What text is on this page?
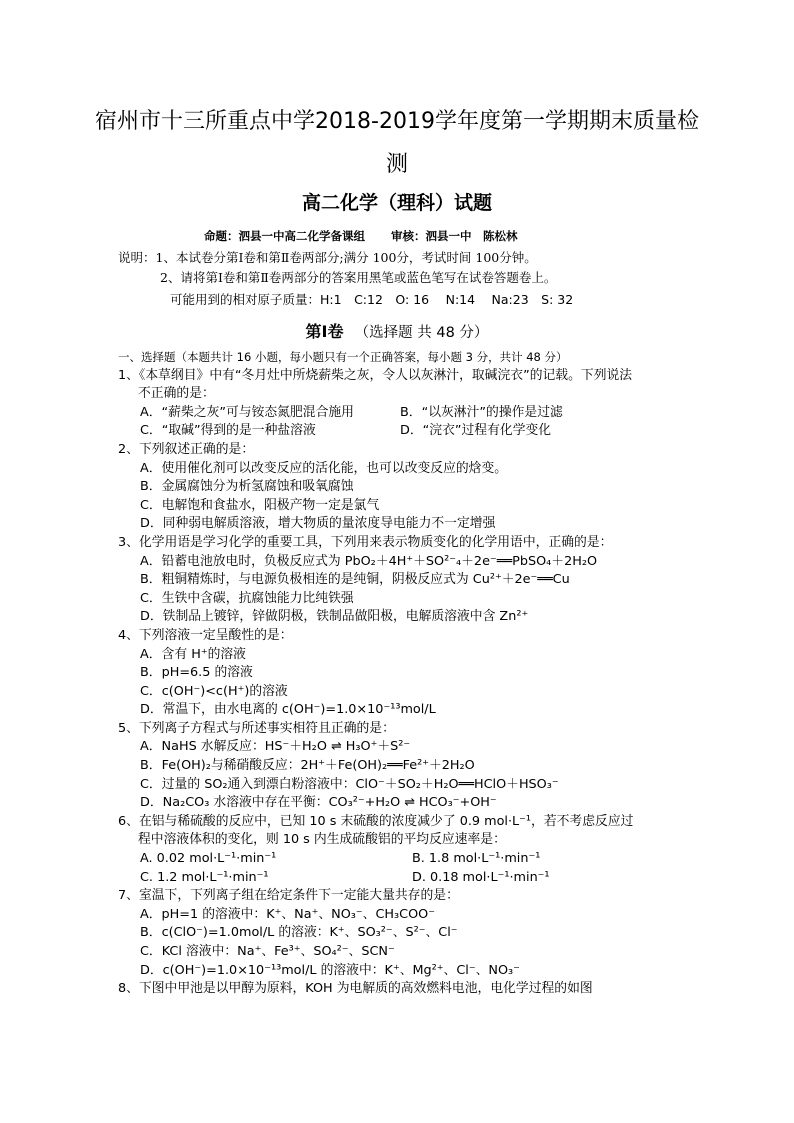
宿州市十三所重点中学2018-2019学年度第一学期期末质量检
测
高二化学（理科）试题
命题：泗县一中高二化学备课组 审核：泗县一中　陈松林
说明：1、本试卷分第Ⅰ卷和第Ⅱ卷两部分;满分 100分，考试时间 100分钟。
2、请将第Ⅰ卷和第Ⅱ卷两部分的答案用黑笔或蓝色笔写在试卷答题卷上。
可能用到的相对原子质量：H:1　C:12　O: 16　 N:14　 Na:23　S: 32
第Ⅰ卷 （选择题 共 48 分）
一、选择题（本题共计 16 小题，每小题只有一个正确答案，每小题 3 分，共计 48 分）
1、《本草纲目》中有“冬月灶中所烧薪柴之灰，令人以灰淋汁，取碱浣衣”的记载。下列说法
不正确的是：
A．“薪柴之灰”可与铵态氮肥混合施用	B．“以灰淋汁”的操作是过滤
C．“取碱”得到的是一种盐溶液	D．“浣衣”过程有化学变化
2、下列叙述正确的是：
A．使用催化剂可以改变反应的活化能，也可以改变反应的焓变。
B．金属腐蚀分为析氢腐蚀和吸氧腐蚀
C．电解饱和食盐水，阳极产物一定是氯气
D．同种弱电解质溶液，增大物质的量浓度导电能力不一定增强
3、化学用语是学习化学的重要工具，下列用来表示物质变化的化学用语中，正确的是：
A．铅蓄电池放电时，负极反应式为 PbO₂＋4H⁺＋SO²⁻₄＋2e⁻══PbSO₄＋2H₂O
B．粗铜精炼时，与电源负极相连的是纯铜，阴极反应式为 Cu²⁺＋2e⁻══Cu
C．生铁中含碳，抗腐蚀能力比纯铁强
D．铁制品上镀锌，锌做阴极，铁制品做阳极，电解质溶液中含 Zn²⁺
4、下列溶液一定呈酸性的是：
A．含有 H⁺的溶液
B．pH=6.5 的溶液
C．c(OH⁻)<c(H⁺)的溶液
D．常温下，由水电离的 c(OH⁻)=1.0×10⁻¹³mol/L
5、下列离子方程式与所述事实相符且正确的是：
A．NaHS 水解反应：HS⁻＋H₂O ⇌ H₃O⁺＋S²⁻
B．Fe(OH)₂与稀硝酸反应：2H⁺＋Fe(OH)₂══Fe²⁺＋2H₂O
C．过量的 SO₂通入到漂白粉溶液中：ClO⁻＋SO₂＋H₂O══HClO＋HSO₃⁻
D．Na₂CO₃ 水溶液中存在平衡：CO₃²⁻+H₂O ⇌ HCO₃⁻+OH⁻
6、在铝与稀硫酸的反应中，已知 10 s 末硫酸的浓度减少了 0.9 mol·L⁻¹，若不考虑反应过
程中溶液体积的变化，则 10 s 内生成硫酸铝的平均反应速率是：
A. 0.02 mol·L⁻¹·min⁻¹	B. 1.8 mol·L⁻¹·min⁻¹
C. 1.2 mol·L⁻¹·min⁻¹	D. 0.18 mol·L⁻¹·min⁻¹
7、室温下，下列离子组在给定条件下一定能大量共存的是：
A．pH=1 的溶液中：K⁺、Na⁺、NO₃⁻、CH₃COO⁻
B．c(ClO⁻)=1.0mol/L 的溶液：K⁺、SO₃²⁻、S²⁻、Cl⁻
C．KCl 溶液中：Na⁺、Fe³⁺、SO₄²⁻、SCN⁻
D．c(OH⁻)=1.0×10⁻¹³mol/L 的溶液中：K⁺、Mg²⁺、Cl⁻、NO₃⁻
8、下图中甲池是以甲醇为原料，KOH 为电解质的高效燃料电池，电化学过程的如图
